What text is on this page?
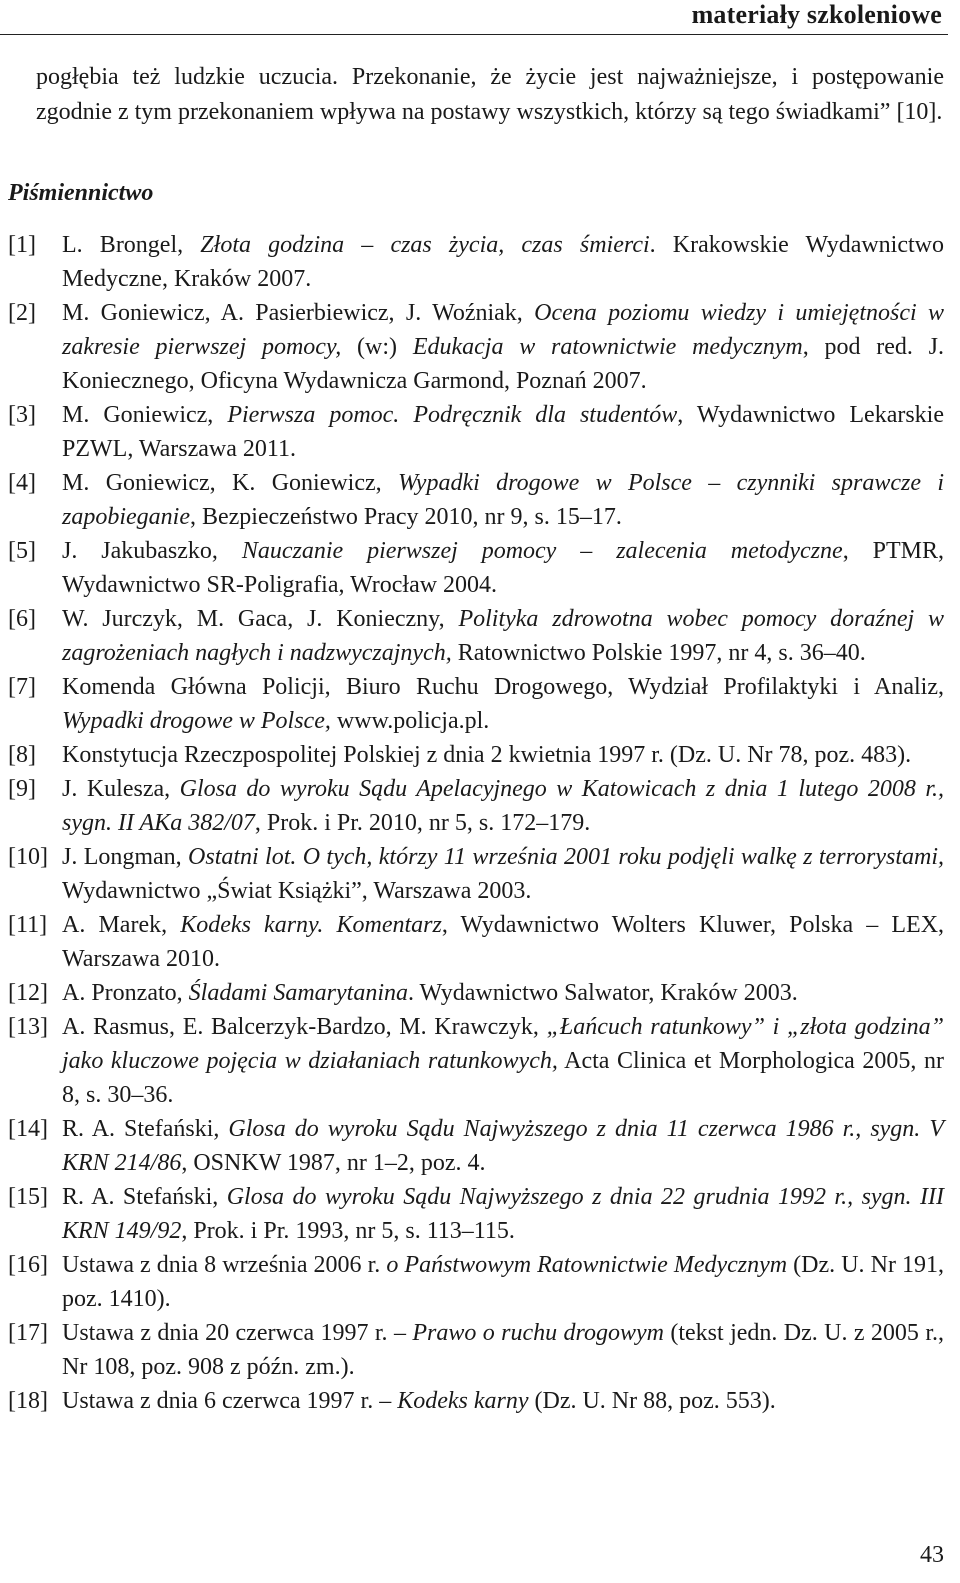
materiały szkoleniowe
pogłębia też ludzkie uczucia. Przekonanie, że życie jest najważniejsze, i postępowanie zgodnie z tym przekonaniem wpływa na postawy wszystkich, którzy są tego świadkami” [10].
Piśmiennictwo
[1] L. Brongel, Złota godzina – czas życia, czas śmierci. Krakowskie Wydawnictwo Medyczne, Kraków 2007.
[2] M. Goniewicz, A. Pasierbiewicz, J. Woźniak, Ocena poziomu wiedzy i umiejętności w zakresie pierwszej pomocy, (w:) Edukacja w ratownictwie medycznym, pod red. J. Koniecznego, Oficyna Wydawnicza Garmond, Poznań 2007.
[3] M. Goniewicz, Pierwsza pomoc. Podręcznik dla studentów, Wydawnictwo Lekarskie PZWL, Warszawa 2011.
[4] M. Goniewicz, K. Goniewicz, Wypadki drogowe w Polsce – czynniki sprawcze i zapobieganie, Bezpieczeństwo Pracy 2010, nr 9, s. 15–17.
[5] J. Jakubaszko, Nauczanie pierwszej pomocy – zalecenia metodyczne, PTMR, Wydawnictwo SR-Poligrafia, Wrocław 2004.
[6] W. Jurczyk, M. Gaca, J. Konieczny, Polityka zdrowotna wobec pomocy doraźnej w zagrożeniach nagłych i nadzwyczajnych, Ratownictwo Polskie 1997, nr 4, s. 36–40.
[7] Komenda Główna Policji, Biuro Ruchu Drogowego, Wydział Profilaktyki i Analiz, Wypadki drogowe w Polsce, www.policja.pl.
[8] Konstytucja Rzeczpospolitej Polskiej z dnia 2 kwietnia 1997 r. (Dz. U. Nr 78, poz. 483).
[9] J. Kulesza, Glosa do wyroku Sądu Apelacyjnego w Katowicach z dnia 1 lutego 2008 r., sygn. II AKa 382/07, Prok. i Pr. 2010, nr 5, s. 172–179.
[10] J. Longman, Ostatni lot. O tych, którzy 11 września 2001 roku podjęli walkę z terrorystami, Wydawnictwo „Świat Książki”, Warszawa 2003.
[11] A. Marek, Kodeks karny. Komentarz, Wydawnictwo Wolters Kluwer, Polska – LEX, Warszawa 2010.
[12] A. Pronzato, Śladami Samarytanina. Wydawnictwo Salwator, Kraków 2003.
[13] A. Rasmus, E. Balcerzyk-Bardzo, M. Krawczyk, „Łańcuch ratunkowy” i „złota godzina” jako kluczowe pojęcia w działaniach ratunkowych, Acta Clinica et Morphologica 2005, nr 8, s. 30–36.
[14] R. A. Stefański, Glosa do wyroku Sądu Najwyższego z dnia 11 czerwca 1986 r., sygn. V KRN 214/86, OSNKW 1987, nr 1–2, poz. 4.
[15] R. A. Stefański, Glosa do wyroku Sądu Najwyższego z dnia 22 grudnia 1992 r., sygn. III KRN 149/92, Prok. i Pr. 1993, nr 5, s. 113–115.
[16] Ustawa z dnia 8 września 2006 r. o Państwowym Ratownictwie Medycznym (Dz. U. Nr 191, poz. 1410).
[17] Ustawa z dnia 20 czerwca 1997 r. – Prawo o ruchu drogowym (tekst jedn. Dz. U. z 2005 r., Nr 108, poz. 908 z późn. zm.).
[18] Ustawa z dnia 6 czerwca 1997 r. – Kodeks karny (Dz. U. Nr 88, poz. 553).
43
